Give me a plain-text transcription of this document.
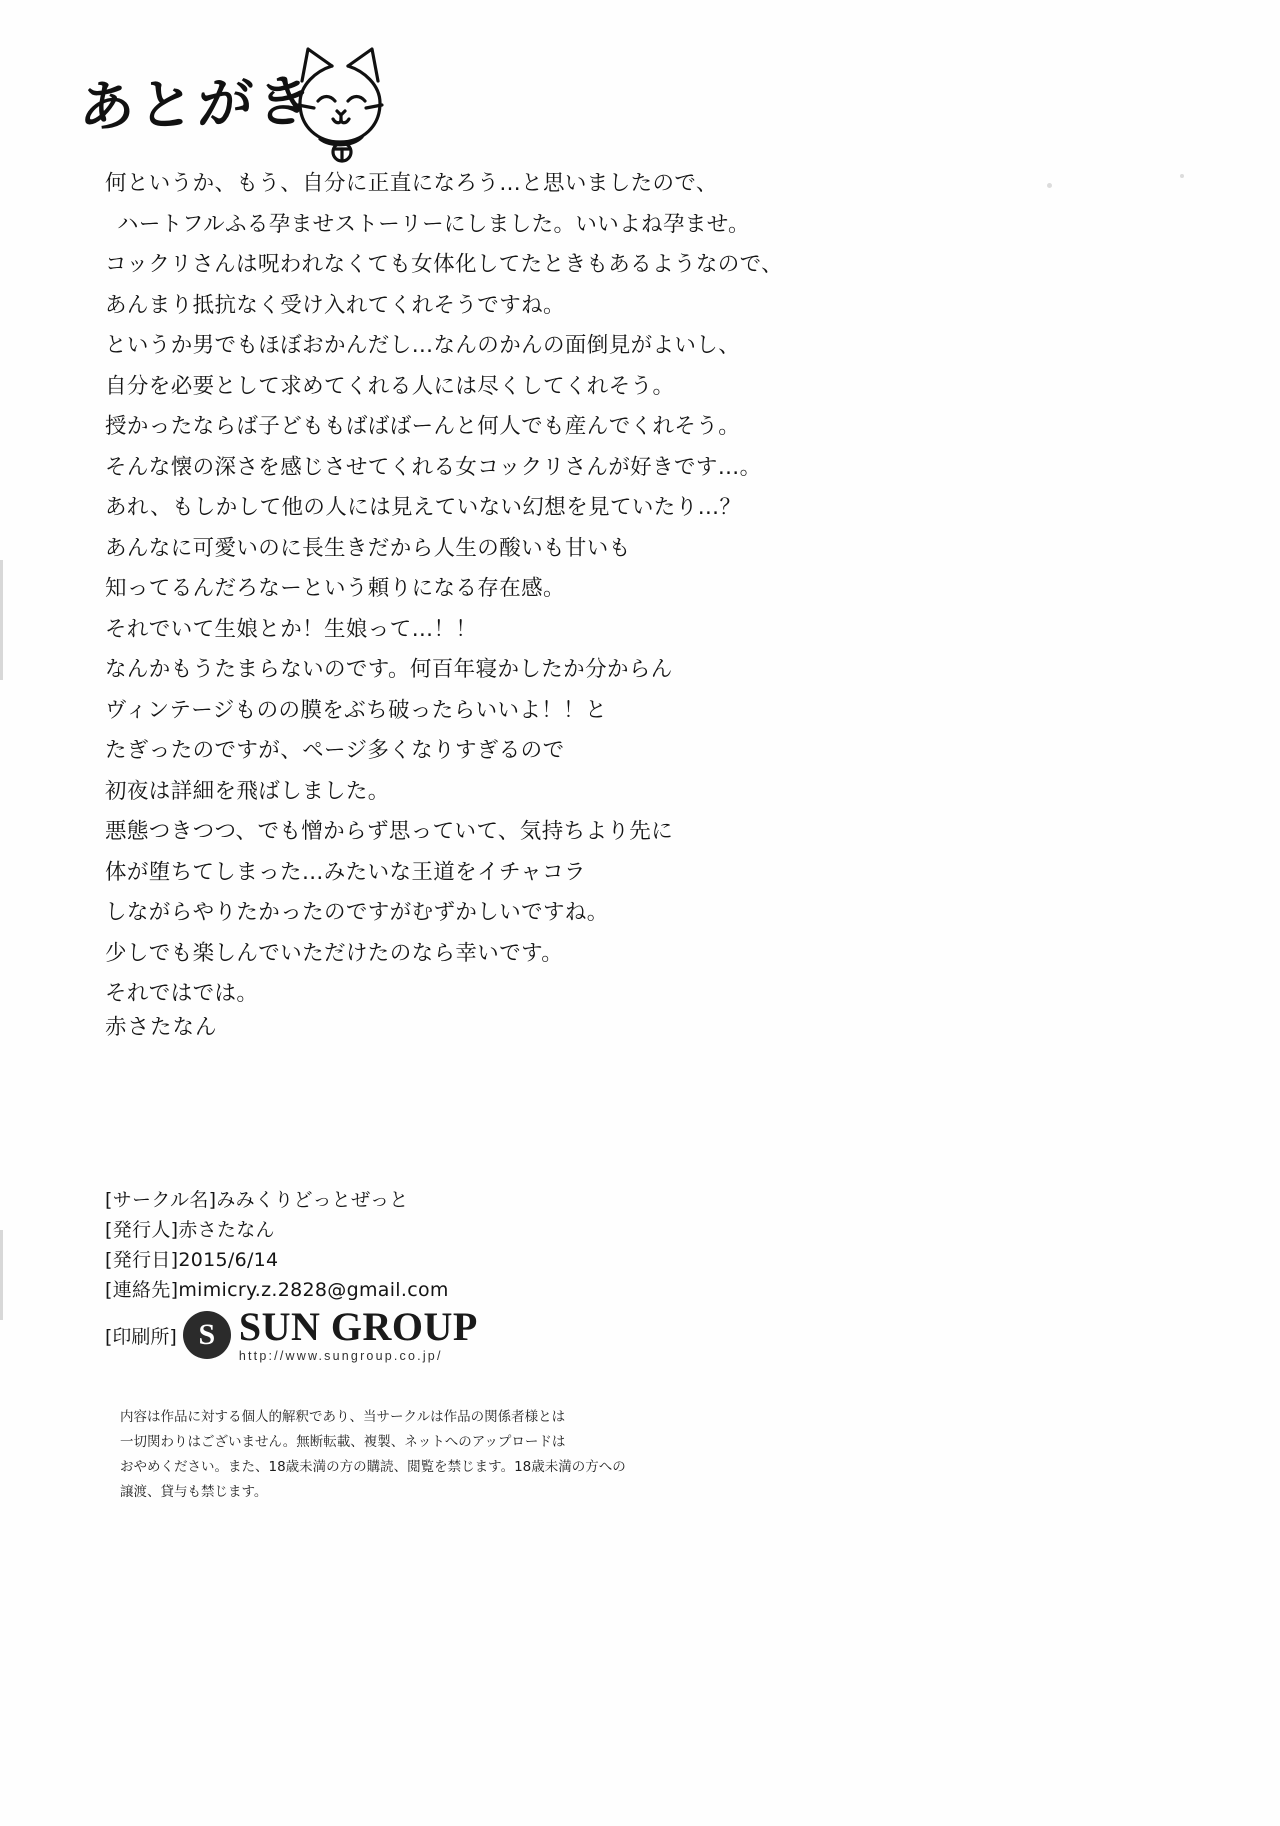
あとがき

何というか、もう、自分に正直になろう…と思いましたので、

ハートフルふる孕ませストーリーにしました。いいよね孕ませ。

コックリさんは呪われなくても女体化してたときもあるようなので、

あんまり抵抗なく受け入れてくれそうですね。

というか男でもほぼおかんだし…なんのかんの面倒見がよいし、

自分を必要として求めてくれる人には尽くしてくれそう。

授かったならば子どももばばばーんと何人でも産んでくれそう。

そんな懐の深さを感じさせてくれる女コックリさんが好きです…。

あれ、もしかして他の人には見えていない幻想を見ていたり…？

あんなに可愛いのに長生きだから人生の酸いも甘いも

知ってるんだろなーという頼りになる存在感。

それでいて生娘とか！生娘って…！！

なんかもうたまらないのです。何百年寝かしたか分からん

ヴィンテージものの膜をぶち破ったらいいよ！！と

たぎったのですが、ページ多くなりすぎるので

初夜は詳細を飛ばしました。

悪態つきつつ、でも憎からず思っていて、気持ちより先に

体が堕ちてしまった…みたいな王道をイチャコラ

しながらやりたかったのですがむずかしいですね。

少しでも楽しんでいただけたのなら幸いです。

それではでは。

赤さたなん
[サークル名]みみくりどっとぜっと
[発行人]赤さたなん
[発行日]2015/6/14
[連絡先]mimicry.z.2828@gmail.com
[印刷所] S SUN GROUP
http://www.sungroup.co.jp/
内容は作品に対する個人的解釈であり、当サークルは作品の関係者様とは
一切関わりはございません。無断転載、複製、ネットへのアップロードは
おやめください。また、18歳未満の方の購読、閲覧を禁じます。18歳未満の方への
譲渡、貸与も禁じます。
